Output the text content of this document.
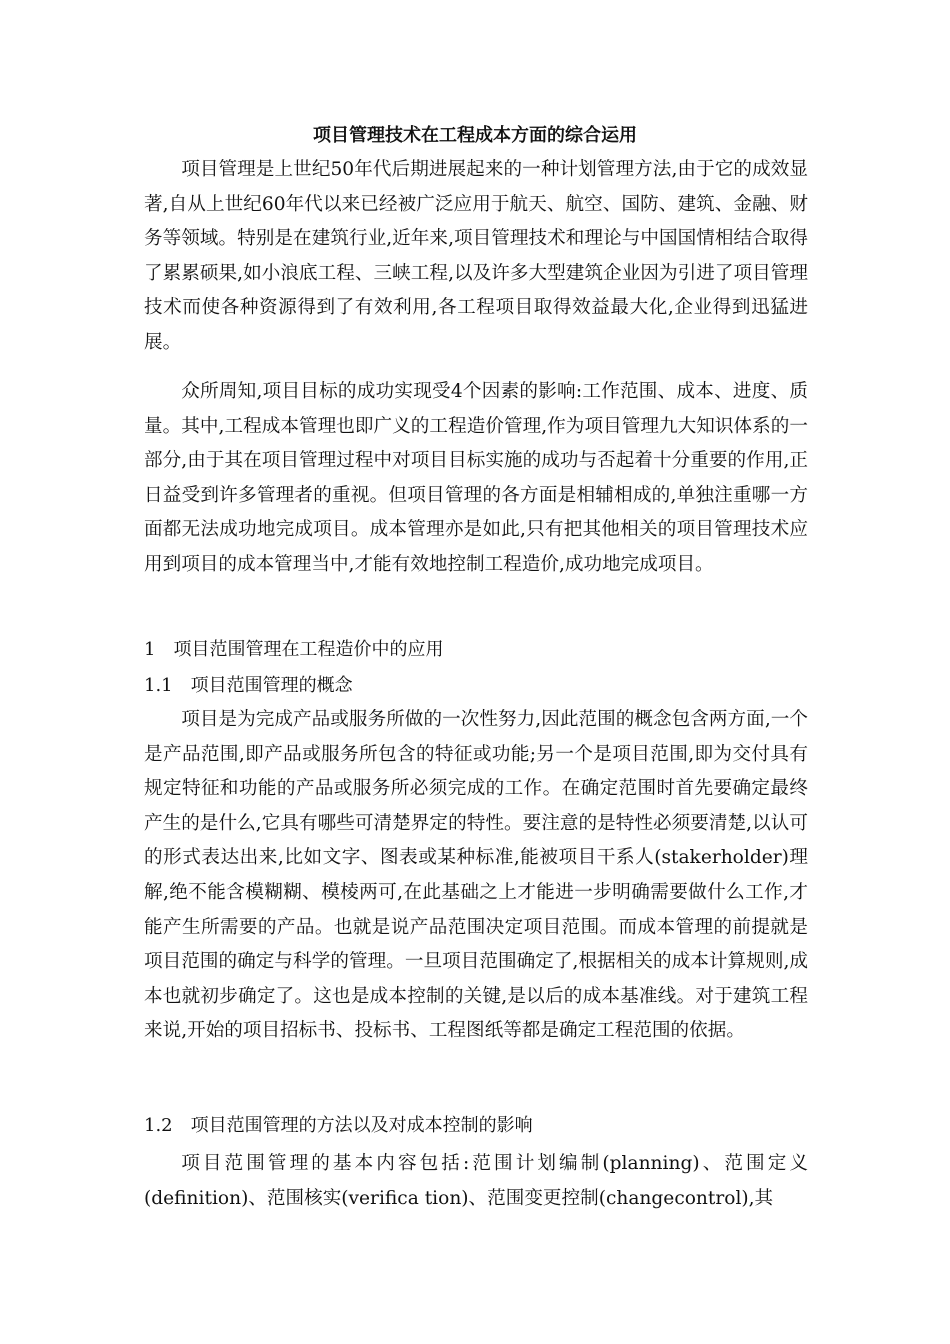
项目管理技术在工程成本方面的综合运用

项目管理是上世纪50年代后期进展起来的一种计划管理方法,由于它的成效显著,自从上世纪60年代以来已经被广泛应用于航天、航空、国防、建筑、金融、财务等领域。特别是在建筑行业,近年来,项目管理技术和理论与中国国情相结合取得了累累硕果,如小浪底工程、三峡工程,以及许多大型建筑企业因为引进了项目管理技术而使各种资源得到了有效利用,各工程项目取得效益最大化,企业得到迅猛进展。

众所周知,项目目标的成功实现受4个因素的影响:工作范围、成本、进度、质量。其中,工程成本管理也即广义的工程造价管理,作为项目管理九大知识体系的一部分,由于其在项目管理过程中对项目目标实施的成功与否起着十分重要的作用,正日益受到许多管理者的重视。但项目管理的各方面是相辅相成的,单独注重哪一方面都无法成功地完成项目。成本管理亦是如此,只有把其他相关的项目管理技术应用到项目的成本管理当中,才能有效地控制工程造价,成功地完成项目。

1　项目范围管理在工程造价中的应用
1.1　项目范围管理的概念

项目是为完成产品或服务所做的一次性努力,因此范围的概念包含两方面,一个是产品范围,即产品或服务所包含的特征或功能;另一个是项目范围,即为交付具有规定特征和功能的产品或服务所必须完成的工作。在确定范围时首先要确定最终产生的是什么,它具有哪些可清楚界定的特性。要注意的是特性必须要清楚,以认可的形式表达出来,比如文字、图表或某种标准,能被项目干系人(stakerholder)理解,绝不能含模糊糊、模棱两可,在此基础之上才能进一步明确需要做什么工作,才能产生所需要的产品。也就是说产品范围决定项目范围。而成本管理的前提就是项目范围的确定与科学的管理。一旦项目范围确定了,根据相关的成本计算规则,成本也就初步确定了。这也是成本控制的关键,是以后的成本基准线。对于建筑工程来说,开始的项目招标书、投标书、工程图纸等都是确定工程范围的依据。

1.2　项目范围管理的方法以及对成本控制的影响

项目范围管理的基本内容包括:范围计划编制(planning)、范围定义(definition)、范围核实(verifica tion)、范围变更控制(changecontrol),其
